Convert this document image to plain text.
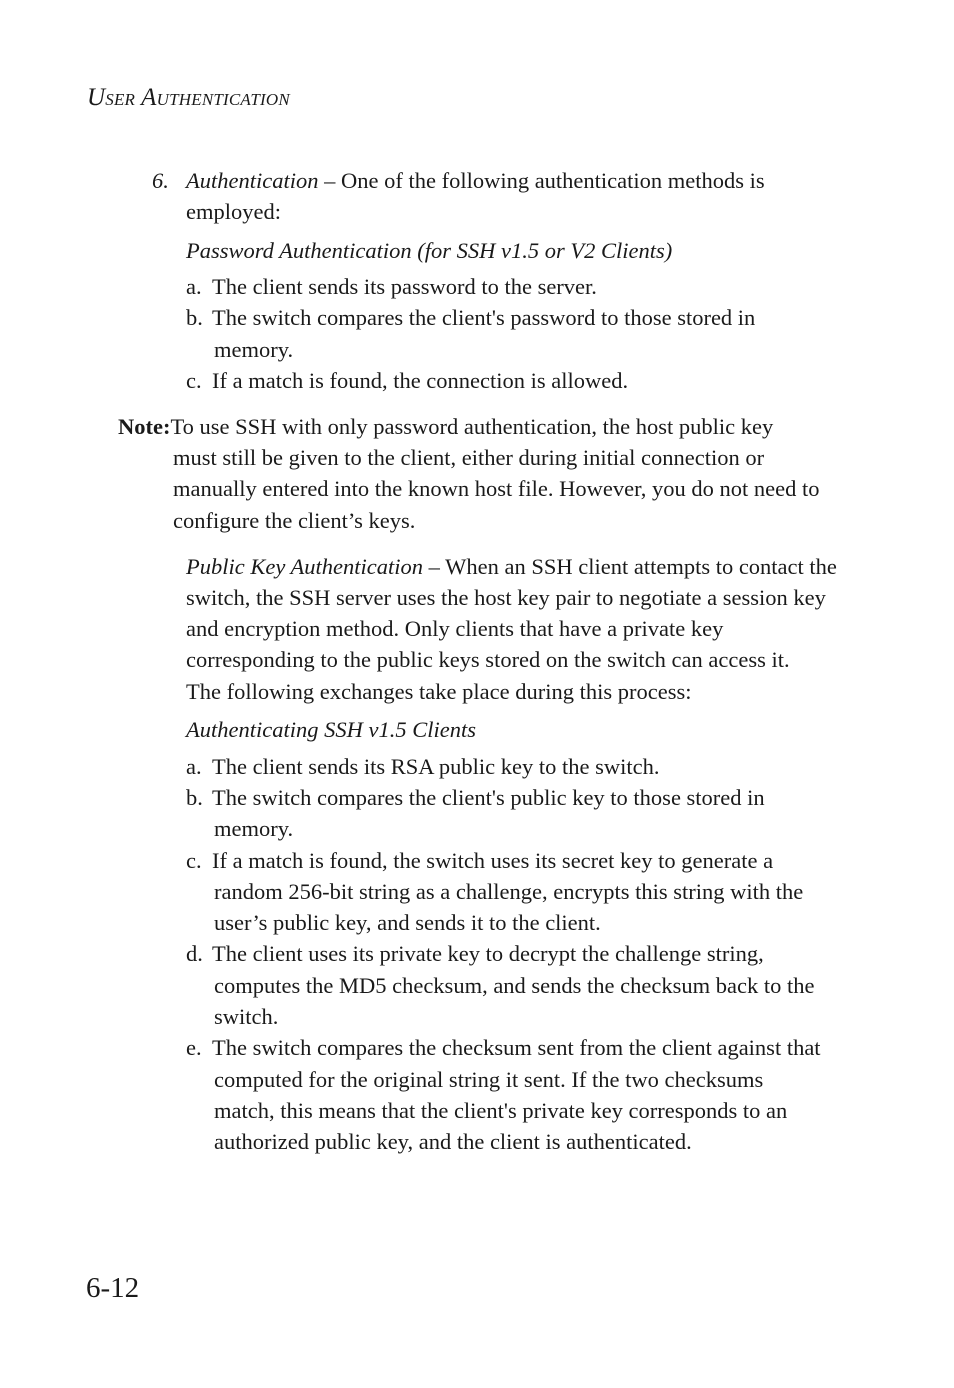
USER AUTHENTICATION
6. Authentication – One of the following authentication methods is
employed:
Password Authentication (for SSH v1.5 or V2 Clients)
a. The client sends its password to the server.
b. The switch compares the client's password to those stored in
memory.
c. If a match is found, the connection is allowed.
Note:To use SSH with only password authentication, the host public key
must still be given to the client, either during initial connection or
manually entered into the known host file. However, you do not need to
configure the client’s keys.
Public Key Authentication – When an SSH client attempts to contact the
switch, the SSH server uses the host key pair to negotiate a session key
and encryption method. Only clients that have a private key
corresponding to the public keys stored on the switch can access it.
The following exchanges take place during this process:
Authenticating SSH v1.5 Clients
a. The client sends its RSA public key to the switch.
b. The switch compares the client's public key to those stored in
memory.
c. If a match is found, the switch uses its secret key to generate a
random 256-bit string as a challenge, encrypts this string with the
user’s public key, and sends it to the client.
d. The client uses its private key to decrypt the challenge string,
computes the MD5 checksum, and sends the checksum back to the
switch.
e. The switch compares the checksum sent from the client against that
computed for the original string it sent. If the two checksums
match, this means that the client's private key corresponds to an
authorized public key, and the client is authenticated.
6-12
